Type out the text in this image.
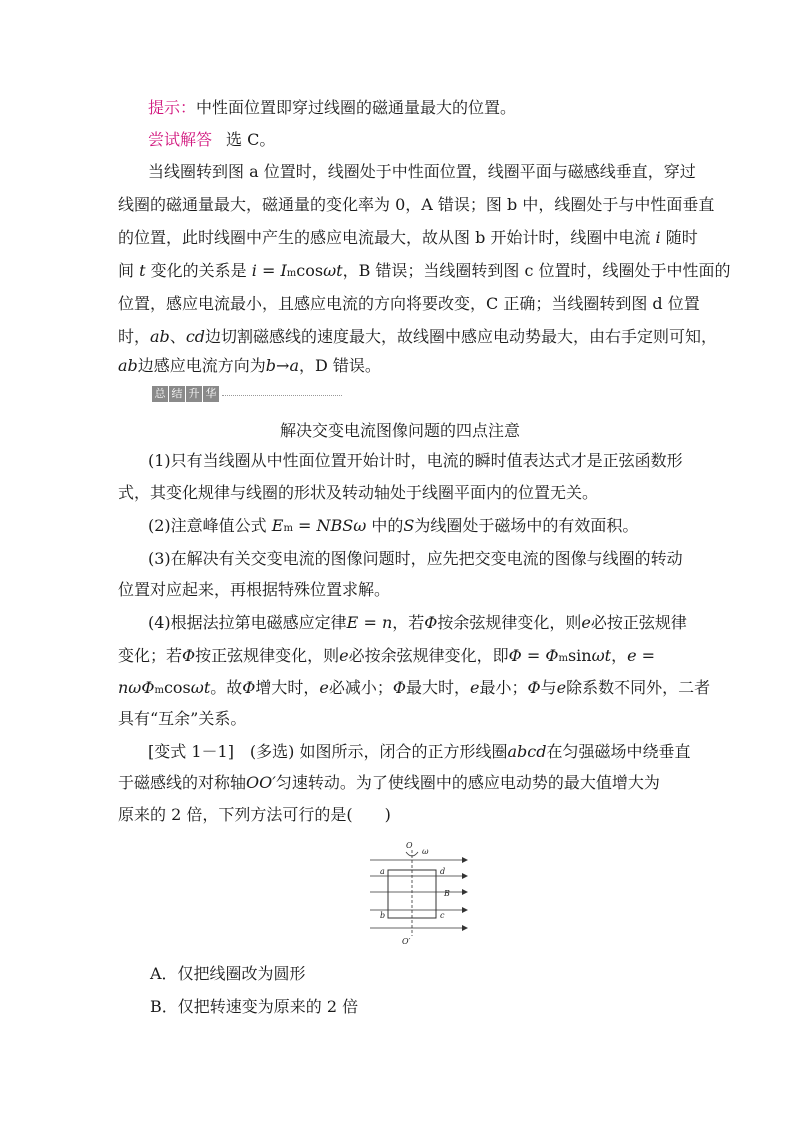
提示：中性面位置即穿过线圈的磁通量最大的位置。
尝试解答 选 C。
当线圈转到图 a 位置时，线圈处于中性面位置，线圈平面与磁感线垂直，穿过
线圈的磁通量最大，磁通量的变化率为 0，A 错误；图 b 中，线圈处于与中性面垂直
的位置，此时线圈中产生的感应电流最大，故从图 b 开始计时，线圈中电流 i 随时
间 t 变化的关系是 i = Imcosωt，B 错误；当线圈转到图 c 位置时，线圈处于中性面的
位置，感应电流最小，且感应电流的方向将要改变，C 正确；当线圈转到图 d 位置
时，ab、cd边切割磁感线的速度最大，故线圈中感应电动势最大，由右手定则可知，
ab边感应电流方向为b→a，D 错误。
总 结 升 华
解决交变电流图像问题的四点注意
(1)只有当线圈从中性面位置开始计时，电流的瞬时值表达式才是正弦函数形
式，其变化规律与线圈的形状及转动轴处于线圈平面内的位置无关。
(2)注意峰值公式 Em = NBSω 中的S为线圈处于磁场中的有效面积。
(3)在解决有关交变电流的图像问题时，应先把交变电流的图像与线圈的转动
位置对应起来，再根据特殊位置求解。
(4)根据法拉第电磁感应定律E = n，若Φ按余弦规律变化，则e必按正弦规律
变化；若Φ按正弦规律变化，则e必按余弦规律变化，即Φ = Φmsinωt，e =
nωΦmcosωt。故Φ增大时，e必减小；Φ最大时，e最小；Φ与e除系数不同外，二者
具有“互余”关系。
[变式 1－1]　(多选) 如图所示，闭合的正方形线圈abcd在匀强磁场中绕垂直
于磁感线的对称轴OO′匀速转动。为了使线圈中的感应电动势的最大值增大为
原来的 2 倍，下列方法可行的是(　　)
O
ω
a	d
B
b	c
O′
A．仅把线圈改为圆形
B．仅把转速变为原来的 2 倍
